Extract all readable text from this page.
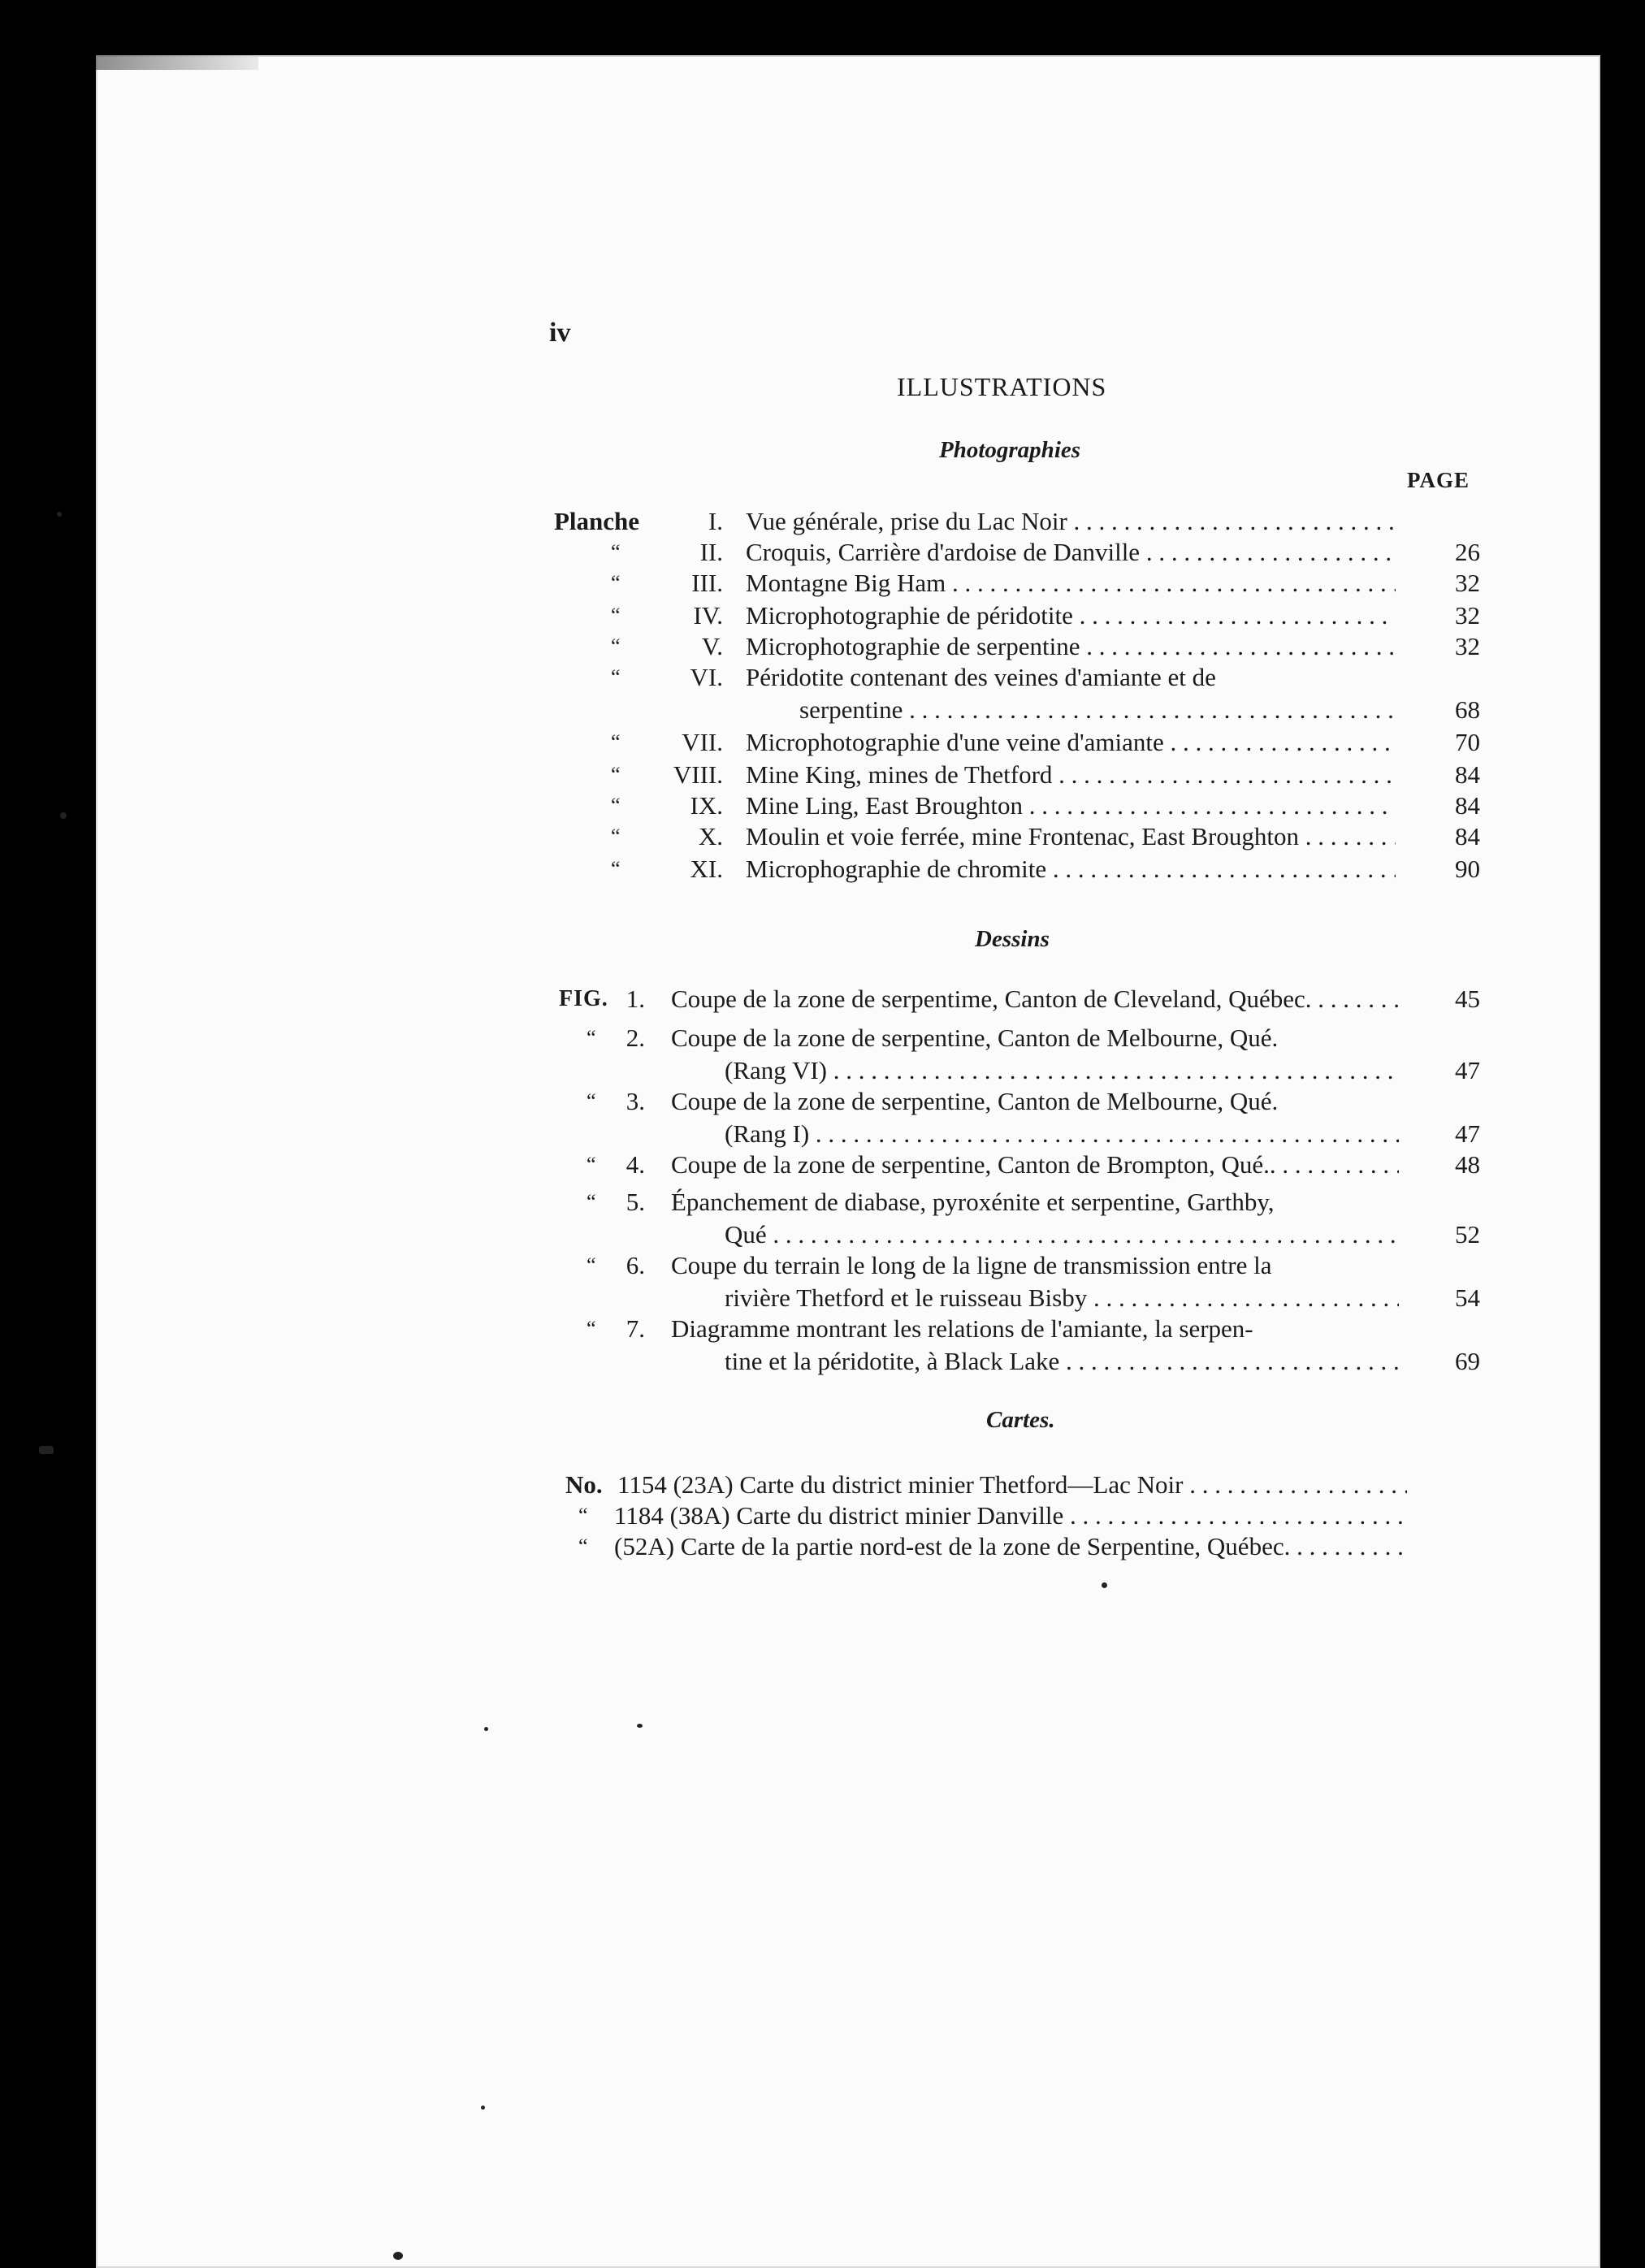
iv
ILLUSTRATIONS
Photographies
PAGE
Planche	I. Vue générale, prise du Lac Noir . . .
“	II. Croquis, Carrière d'ardoise de Danville . . .	26
“	III. Montagne Big Ham . . .	32
“	IV. Microphotographie de péridotite . . .	32
“	V. Microphotographie de serpentine . . .	32
“	VI. Péridotite contenant des veines d'amiante et de
serpentine . . .	68
“	VII. Microphotographie d'une veine d'amiante . . .	70
“	VIII. Mine King, mines de Thetford . . .	84
“	IX. Mine Ling, East Broughton . . .	84
“	X. Moulin et voie ferrée, mine Frontenac, East Broughton . . .	84
“	XI. Microphographie de chromite . . .	90
Dessins
FIG. 1. Coupe de la zone de serpentime, Canton de Cleveland, Québec. . . .	45
“	2. Coupe de la zone de serpentine, Canton de Melbourne, Qué.
(Rang VI) . . .	47
“	3. Coupe de la zone de serpentine, Canton de Melbourne, Qué.
(Rang I) . . .	47
“	4. Coupe de la zone de serpentine, Canton de Brompton, Qué.. . . .	48
“	5. Épanchement de diabase, pyroxénite et serpentine, Garthby,
Qué . . .	52
“	6. Coupe du terrain le long de la ligne de transmission entre la
rivière Thetford et le ruisseau Bisby . . .	54
“	7. Diagramme montrant les relations de l'amiante, la serpen-
tine et la péridotite, à Black Lake . . .	69
Cartes.
No. 1154 (23A) Carte du district minier Thetford—Lac Noir . . .
“ 1184 (38A) Carte du district minier Danville . . .
“ (52A) Carte de la partie nord-est de la zone de Serpentine, Québec. . . .
